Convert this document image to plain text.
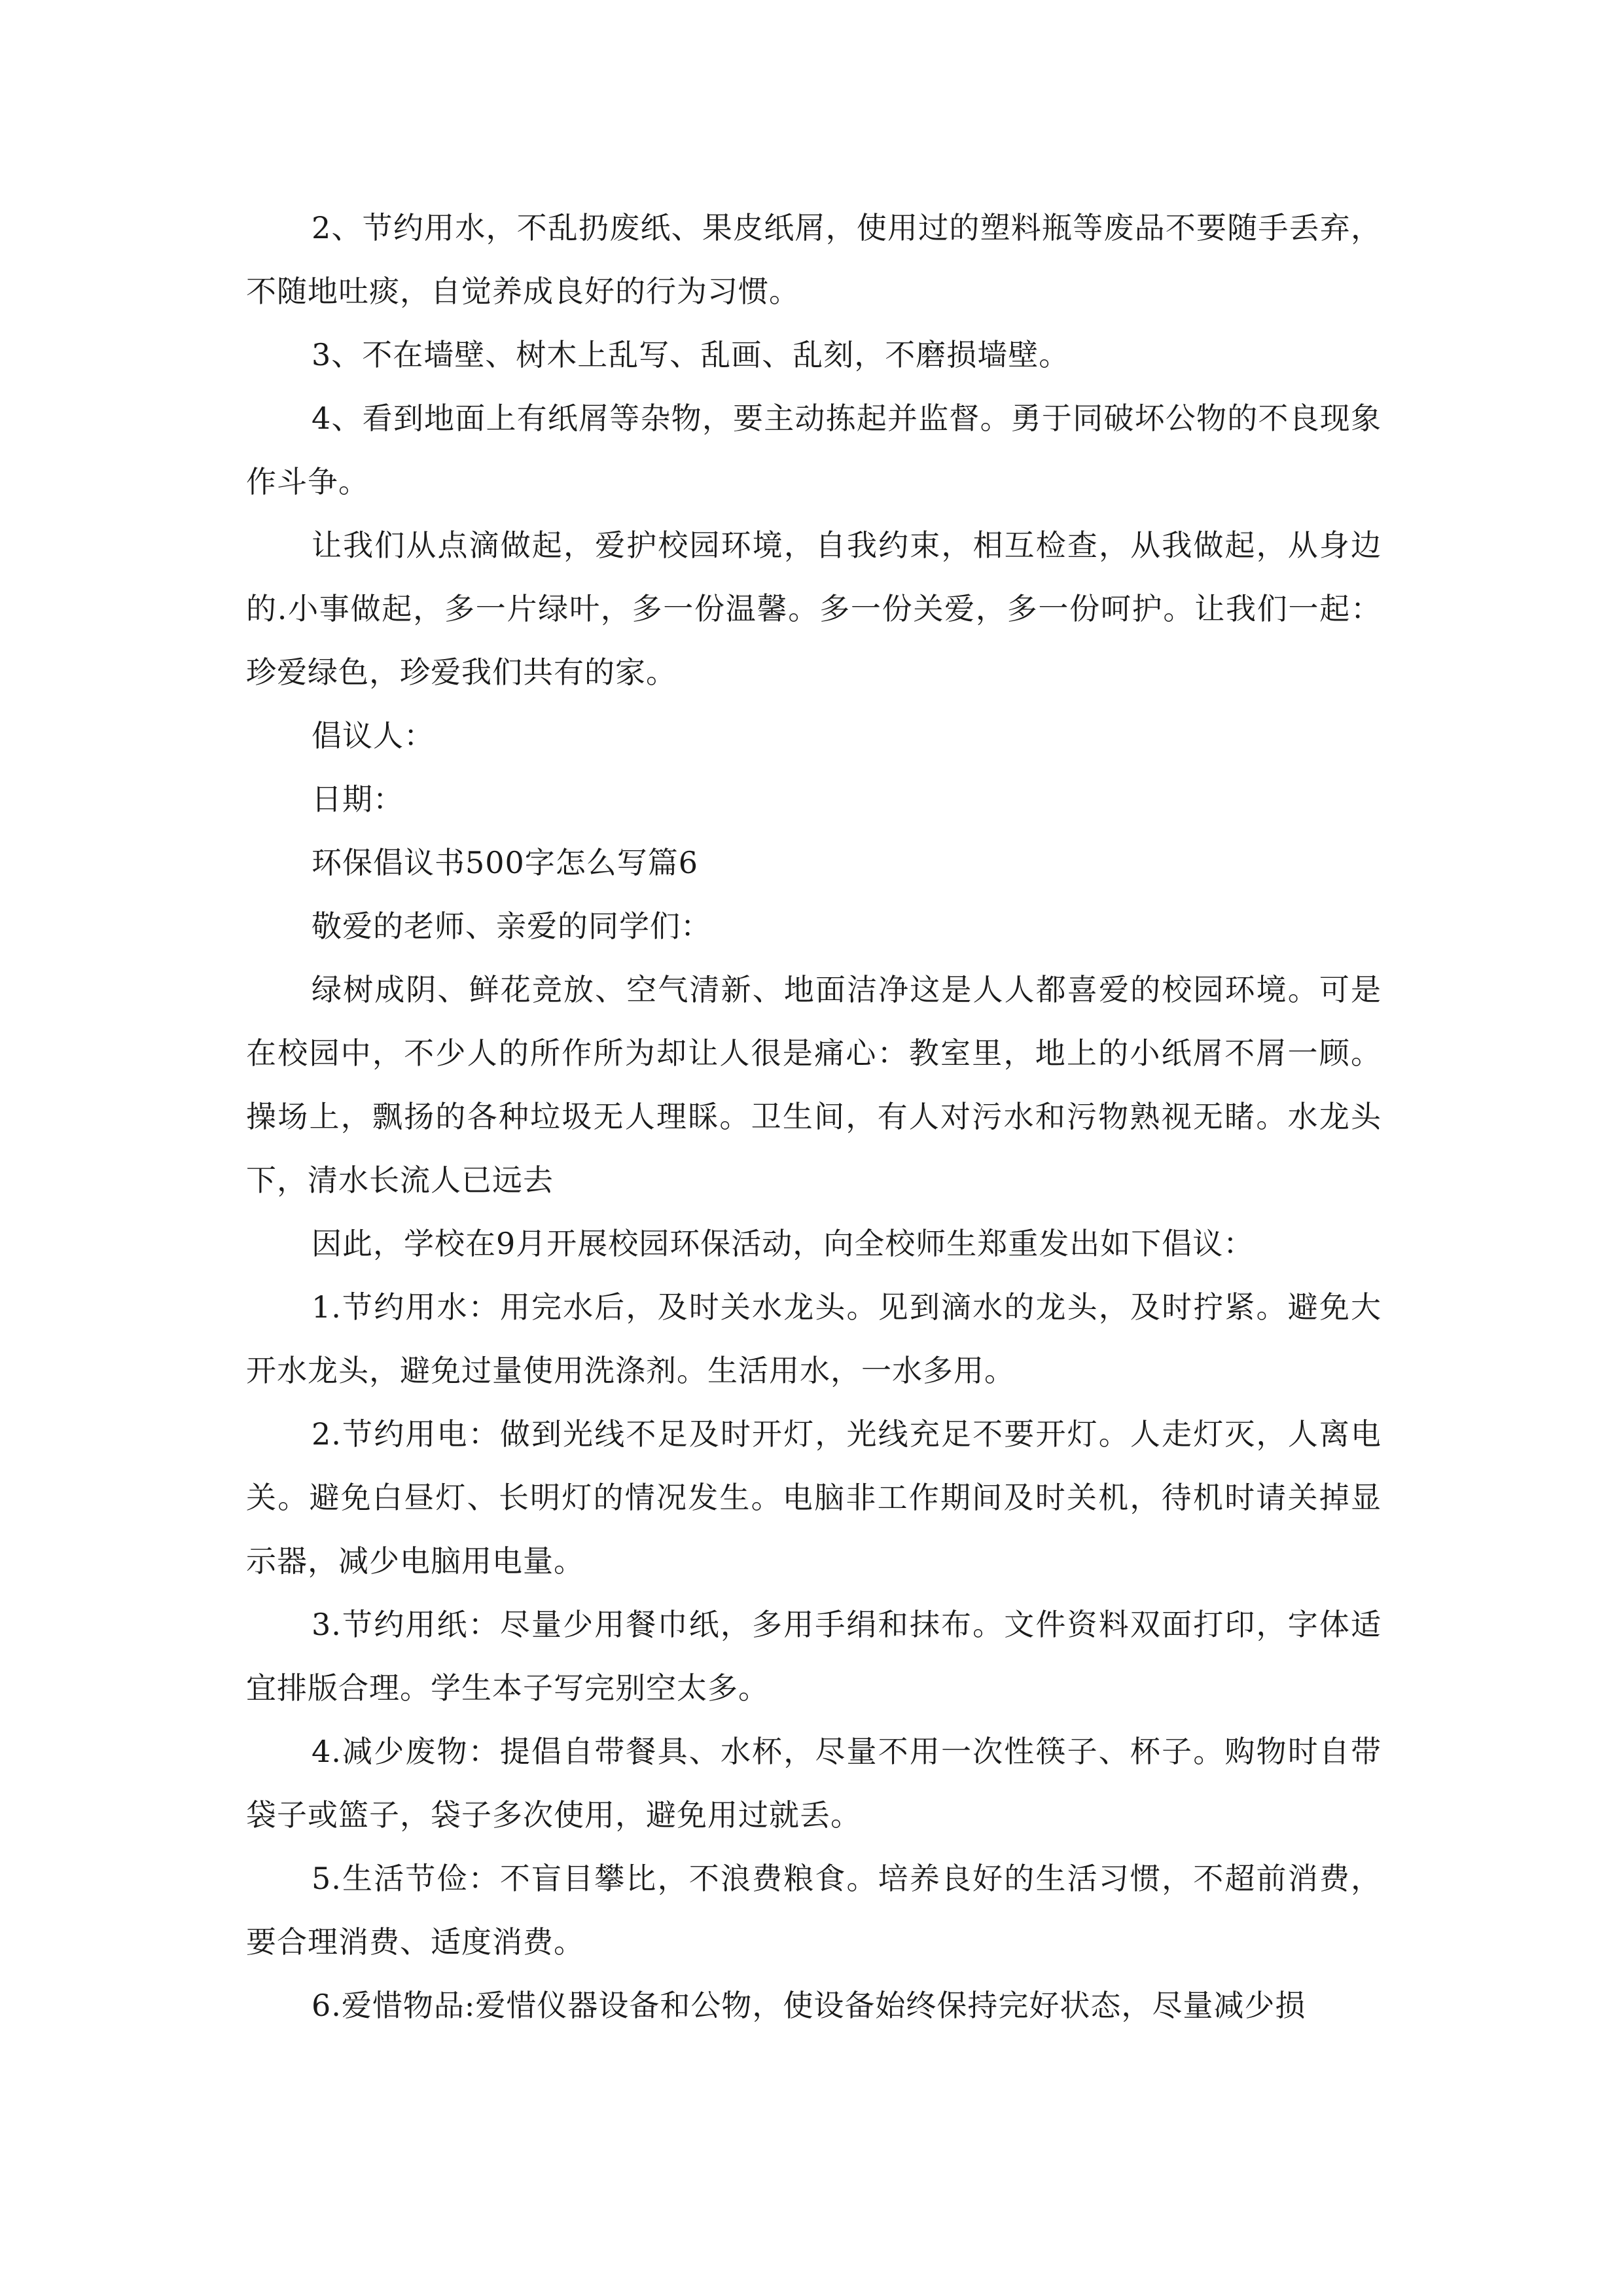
2、节约用水，不乱扔废纸、果皮纸屑，使用过的塑料瓶等废品不要随手丢弃，不随地吐痰，自觉养成良好的行为习惯。

3、不在墙壁、树木上乱写、乱画、乱刻，不磨损墙壁。

4、看到地面上有纸屑等杂物，要主动拣起并监督。勇于同破坏公物的不良现象作斗争。

让我们从点滴做起，爱护校园环境，自我约束，相互检查，从我做起，从身边的.小事做起，多一片绿叶，多一份温馨。多一份关爱，多一份呵护。让我们一起：珍爱绿色，珍爱我们共有的家。

倡议人：

日期：

环保倡议书500字怎么写篇6

敬爱的老师、亲爱的同学们：

绿树成阴、鲜花竞放、空气清新、地面洁净这是人人都喜爱的校园环境。可是在校园中，不少人的所作所为却让人很是痛心：教室里，地上的小纸屑不屑一顾。操场上，飘扬的各种垃圾无人理睬。卫生间，有人对污水和污物熟视无睹。水龙头下，清水长流人已远去

因此，学校在9月开展校园环保活动，向全校师生郑重发出如下倡议：

1.节约用水：用完水后，及时关水龙头。见到滴水的龙头，及时拧紧。避免大开水龙头，避免过量使用洗涤剂。生活用水，一水多用。

2.节约用电：做到光线不足及时开灯，光线充足不要开灯。人走灯灭，人离电关。避免白昼灯、长明灯的情况发生。电脑非工作期间及时关机，待机时请关掉显示器，减少电脑用电量。

3.节约用纸：尽量少用餐巾纸，多用手绢和抹布。文件资料双面打印，字体适宜排版合理。学生本子写完别空太多。

4.减少废物：提倡自带餐具、水杯，尽量不用一次性筷子、杯子。购物时自带袋子或篮子，袋子多次使用，避免用过就丢。

5.生活节俭：不盲目攀比，不浪费粮食。培养良好的生活习惯，不超前消费，要合理消费、适度消费。

6.爱惜物品:爱惜仪器设备和公物，使设备始终保持完好状态，尽量减少损
